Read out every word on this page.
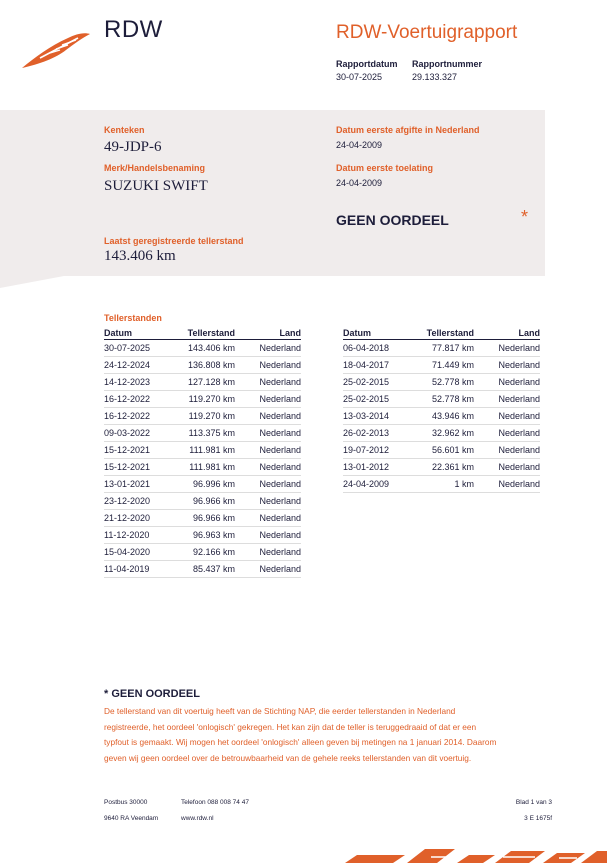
RDW	RDW-Voertuigrapport
Rapportdatum
30-07-2025
Rapportnummer
29.133.327
Kenteken
49-JDP-6
Merk/Handelsbenaming
SUZUKI SWIFT
Laatst geregistreerde tellerstand
143.406 km
Datum eerste afgifte in Nederland
24-04-2009
Datum eerste toelating
24-04-2009
GEEN OORDEEL	*
Tellerstanden
Datum	Tellerstand	Land
30-07-2025	143.406 km	Nederland
24-12-2024	136.808 km	Nederland
14-12-2023	127.128 km	Nederland
16-12-2022	119.270 km	Nederland
16-12-2022	119.270 km	Nederland
09-03-2022	113.375 km	Nederland
15-12-2021	111.981 km	Nederland
15-12-2021	111.981 km	Nederland
13-01-2021	96.996 km	Nederland
23-12-2020	96.966 km	Nederland
21-12-2020	96.966 km	Nederland
11-12-2020	96.963 km	Nederland
15-04-2020	92.166 km	Nederland
11-04-2019	85.437 km	Nederland
Datum	Tellerstand	Land
06-04-2018	77.817 km	Nederland
18-04-2017	71.449 km	Nederland
25-02-2015	52.778 km	Nederland
25-02-2015	52.778 km	Nederland
13-03-2014	43.946 km	Nederland
26-02-2013	32.962 km	Nederland
19-07-2012	56.601 km	Nederland
13-01-2012	22.361 km	Nederland
24-04-2009	1 km	Nederland
* GEEN OORDEEL
De tellerstand van dit voertuig heeft van de Stichting NAP, die eerder tellerstanden in Nederland
registreerde, het oordeel 'onlogisch' gekregen. Het kan zijn dat de teller is teruggedraaid of dat er een
typfout is gemaakt. Wij mogen het oordeel 'onlogisch' alleen geven bij metingen na 1 januari 2014. Daarom
geven wij geen oordeel over de betrouwbaarheid van de gehele reeks tellerstanden van dit voertuig.
Postbus 30000
9640 RA Veendam
Telefoon 088 008 74 47
www.rdw.nl
Blad 1 van 3
3 E 1675f
